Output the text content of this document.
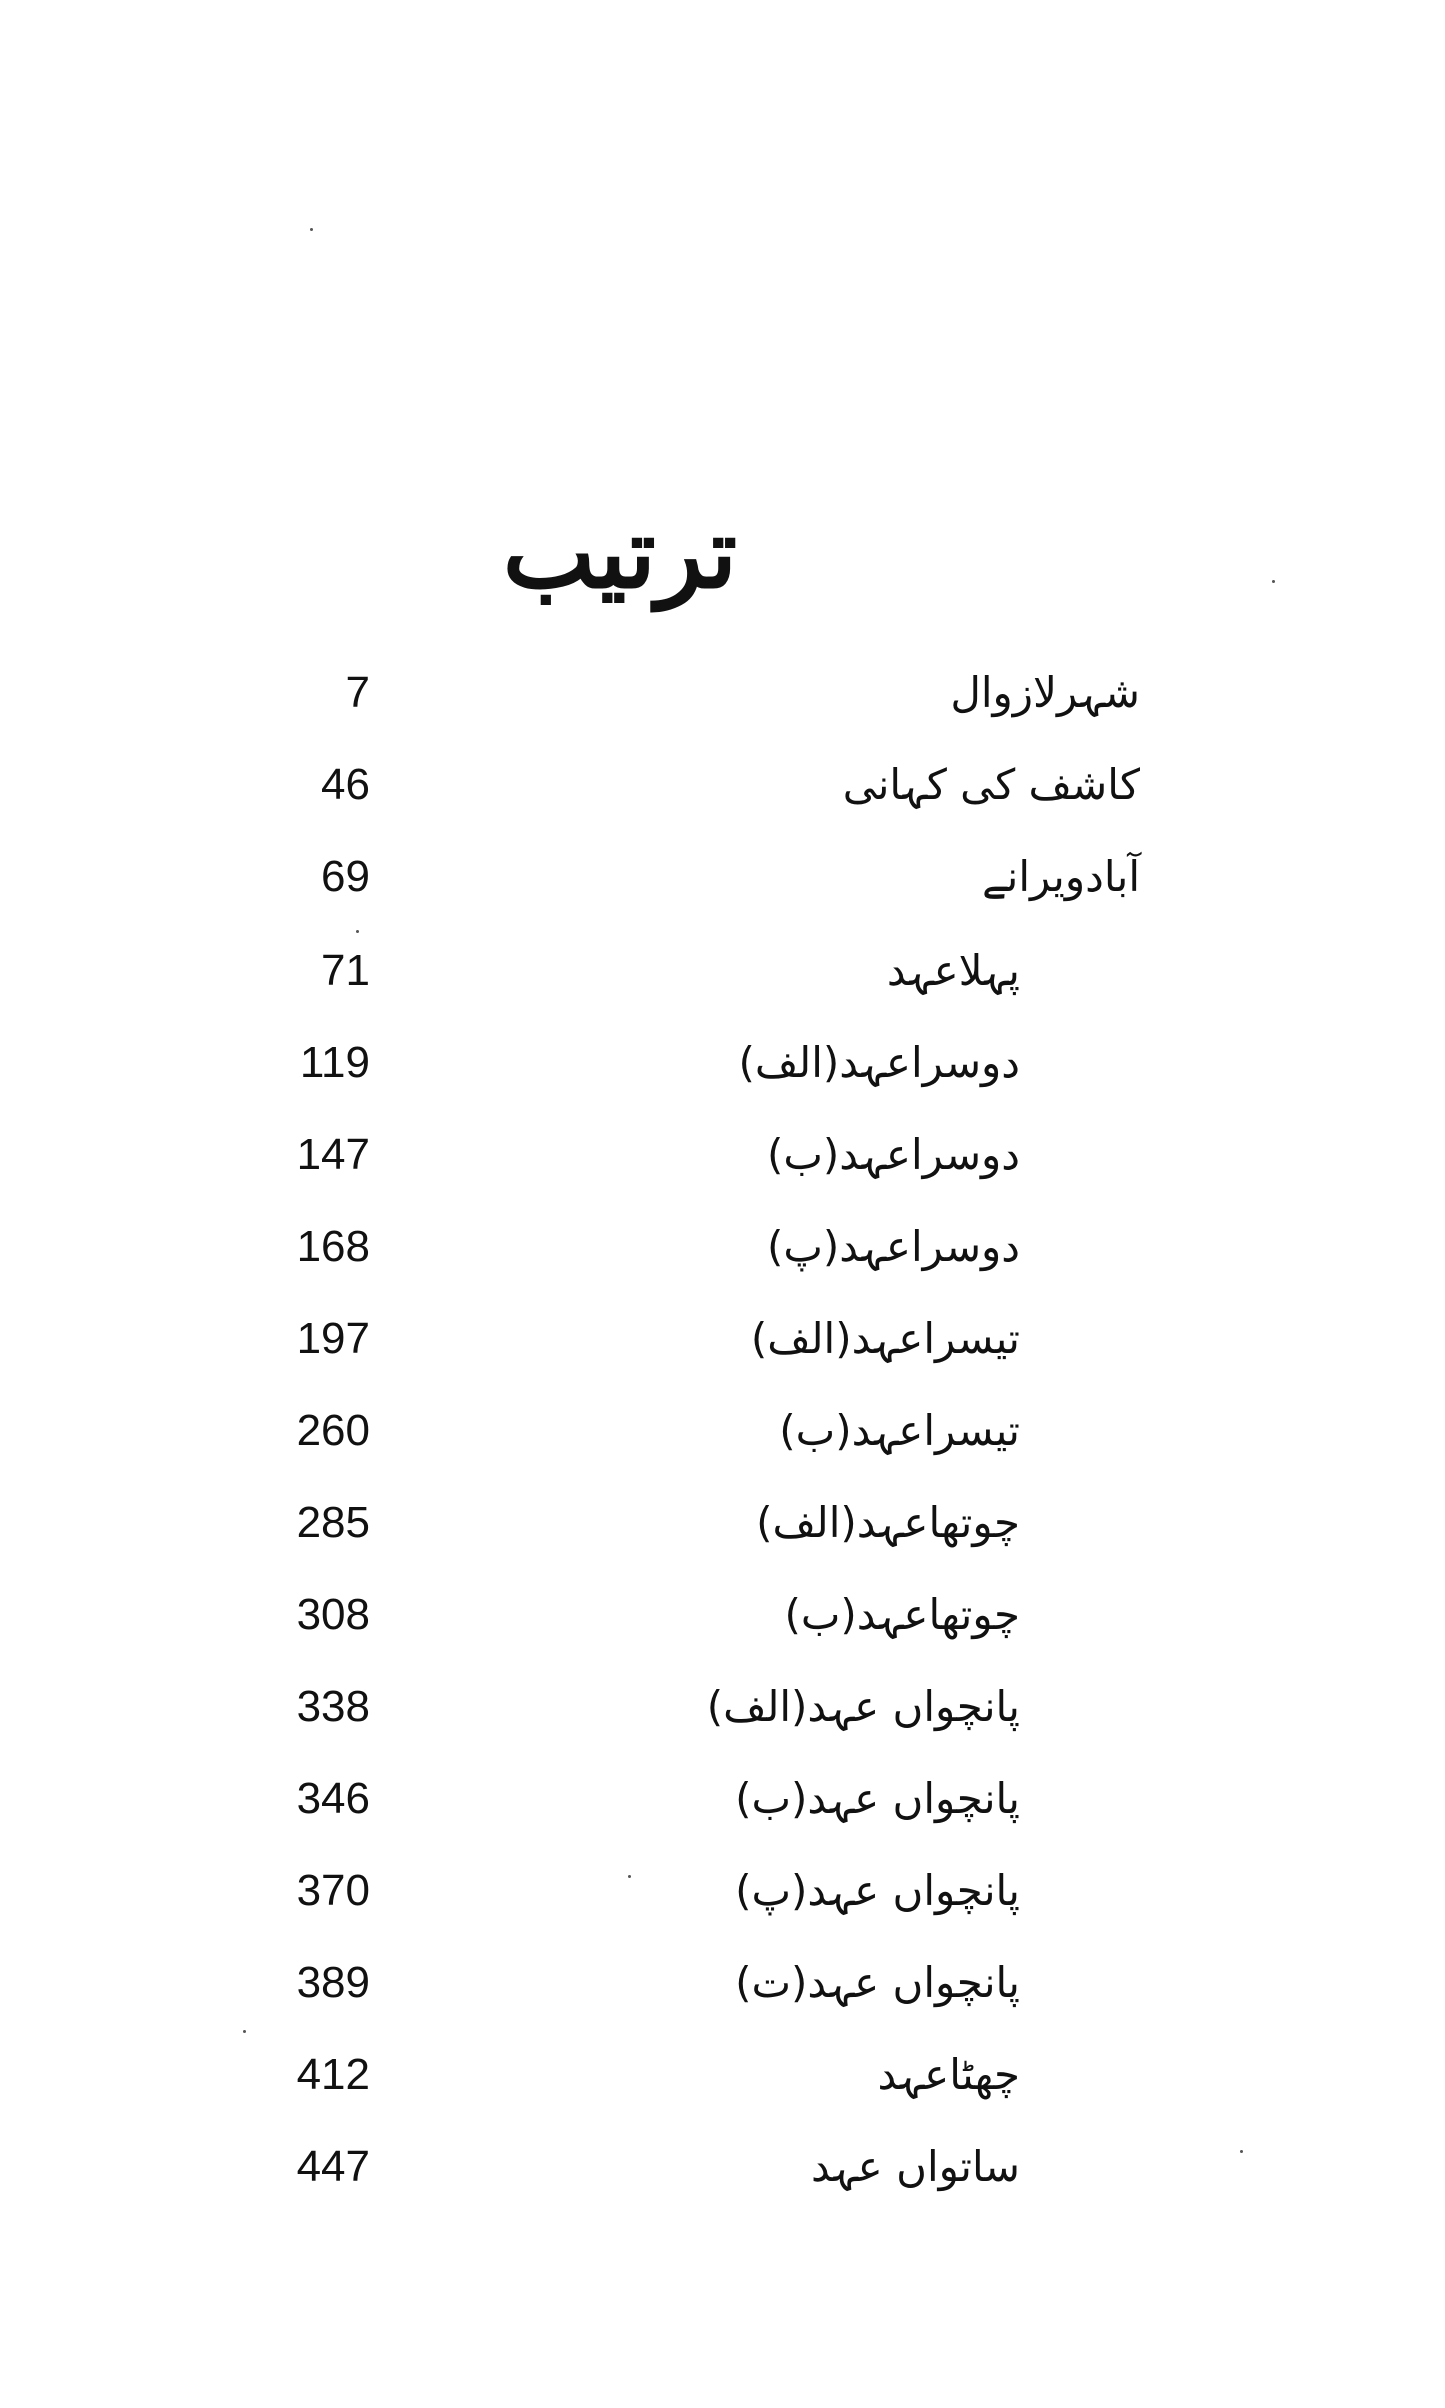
ترتیب
7	شہرلازوال
46	کاشف کی کہانی
69	آبادویرانے
71	پہلاعہد
119	دوسراعہد(الف)
147	دوسراعہد(ب)
168	دوسراعہد(پ)
197	تیسراعہد(الف)
260	تیسراعہد(ب)
285	چوتھاعہد(الف)
308	چوتھاعہد(ب)
338	پانچواں عہد(الف)
346	پانچواں عہد(ب)
370	پانچواں عہد(پ)
389	پانچواں عہد(ت)
412	چھٹاعہد
447	ساتواں عہد
